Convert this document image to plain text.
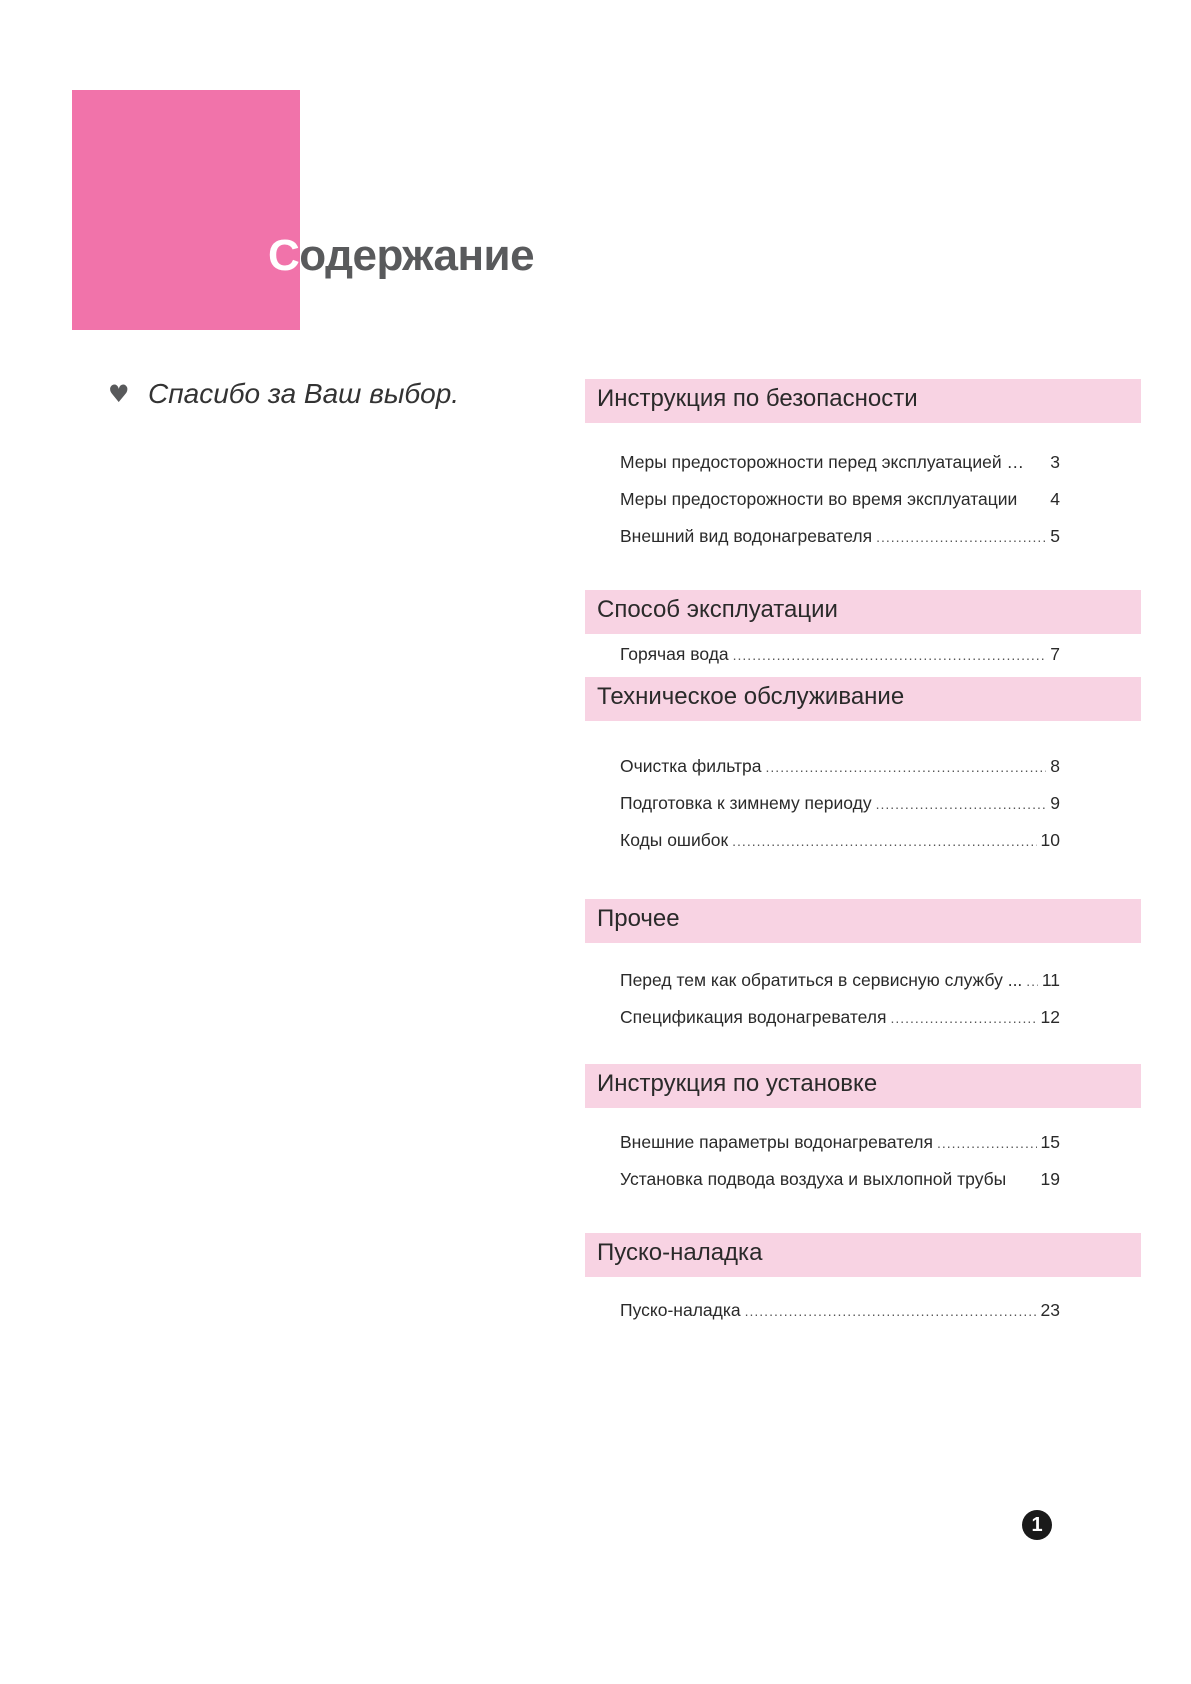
Содержание
♥ Спасибо за Ваш выбор.	Инструкция по безопасности
Меры предосторожности перед эксплуатацией … 3
Меры предосторожности во время эксплуатации 4
Внешний вид водонагревателя .....	5
Способ эксплуатации
Горячая вода .....	7
Техническое обслуживание
Очистка фильтра .....	8
Подготовка к зимнему периоду .....	9
Коды ошибок .....	10
Прочее
Перед тем как обратиться в сервисную службу ... ..... 11
Спецификация водонагревателя .....	12
Инструкция по установке
Внешние параметры водонагревателя .....	15
Установка подвода воздуха и выхлопной трубы 19
Пуско-наладка
Пуско-наладка .....	23
1
